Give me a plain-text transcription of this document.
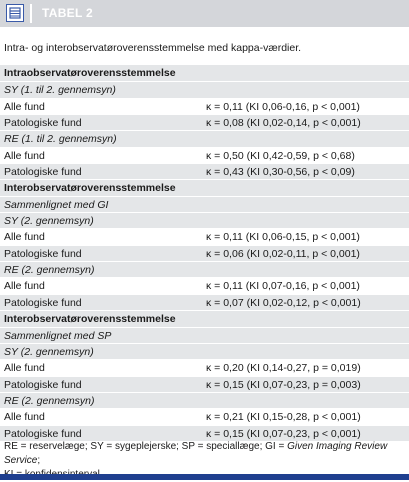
TABEL 2
Intra- og interobservatøroverensstemmelse med kappa-værdier.
Intraobservatøroverensstemmelse
SY (1. til 2. gennemsyn)
Alle fund	κ = 0,11 (KI 0,06-0,16, p < 0,001)
Patologiske fund	κ = 0,08 (KI 0,02-0,14, p < 0,001)
RE (1. til 2. gennemsyn)
Alle fund	κ = 0,50 (KI 0,42-0,59, p < 0,68)
Patologiske fund	κ = 0,43 (KI 0,30-0,56, p < 0,09)
Interobservatøroverensstemmelse
Sammenlignet med GI
SY (2. gennemsyn)
Alle fund	κ = 0,11 (KI 0,06-0,15, p < 0,001)
Patologiske fund	κ = 0,06 (KI 0,02-0,11, p < 0,001)
RE (2. gennemsyn)
Alle fund	κ = 0,11 (KI 0,07-0,16, p < 0,001)
Patologiske fund	κ = 0,07 (KI 0,02-0,12, p < 0,001)
Interobservatøroverensstemmelse
Sammenlignet med SP
SY (2. gennemsyn)
Alle fund	κ = 0,20 (KI 0,14-0,27, p = 0,019)
Patologiske fund	κ = 0,15 (KI 0,07-0,23, p = 0,003)
RE (2. gennemsyn)
Alle fund	κ = 0,21 (KI 0,15-0,28, p < 0,001)
Patologiske fund	κ = 0,15 (KI 0,07-0,23, p < 0,001)
RE = reservelæge; SY = sygeplejerske; SP = speciallæge; GI = Given Imaging Review Service;
